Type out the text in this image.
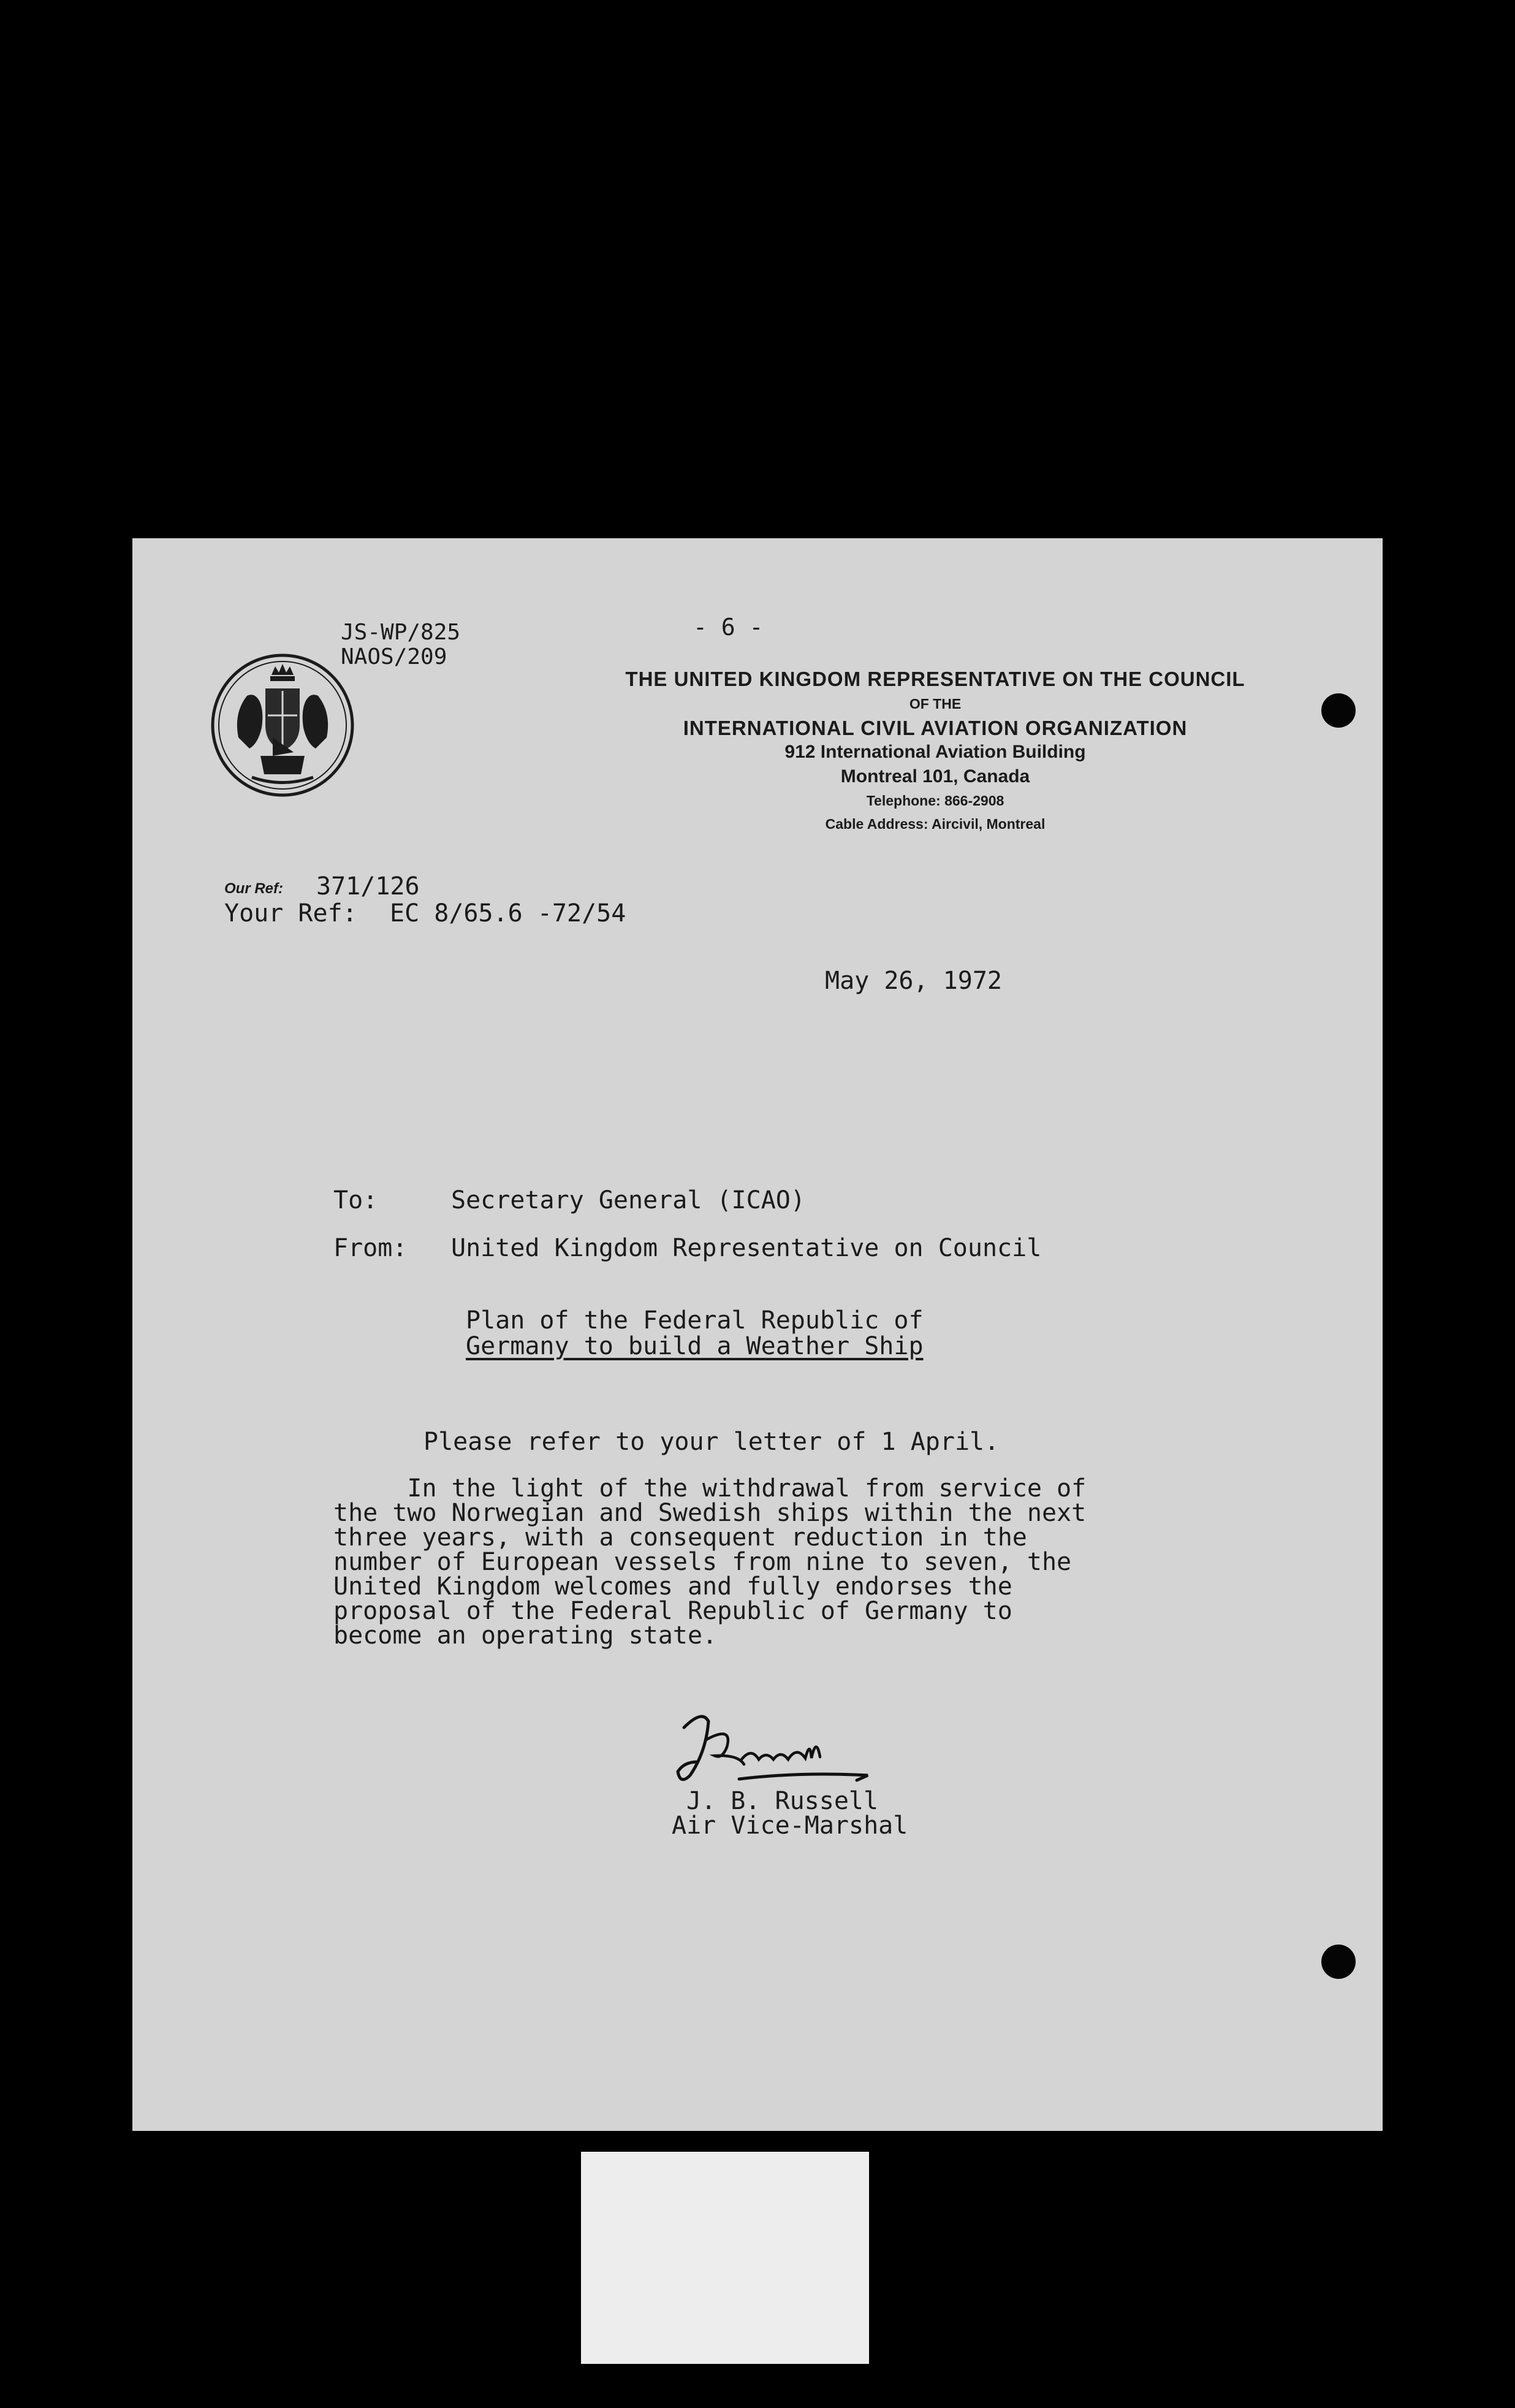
JS-WP/825
NAOS/209
- 6 -
THE UNITED KINGDOM REPRESENTATIVE ON THE COUNCIL
OF THE
INTERNATIONAL CIVIL AVIATION ORGANIZATION
912 International Aviation Building
Montreal 101, Canada
Telephone: 866-2908
Cable Address: Aircivil, Montreal
Our Ref: 371/126
Your Ref: EC 8/65.6 -72/54
May 26, 1972
To:	Secretary General (ICAO)
From: United Kingdom Representative on Council
Plan of the Federal Republic of
Germany to build a Weather Ship
Please refer to your letter of 1 April.
In the light of the withdrawal from service of
the two Norwegian and Swedish ships within the next
three years, with a consequent reduction in the
number of European vessels from nine to seven, the
United Kingdom welcomes and fully endorses the
proposal of the Federal Republic of Germany to
become an operating state.
J. B. Russell
Air Vice-Marshal
